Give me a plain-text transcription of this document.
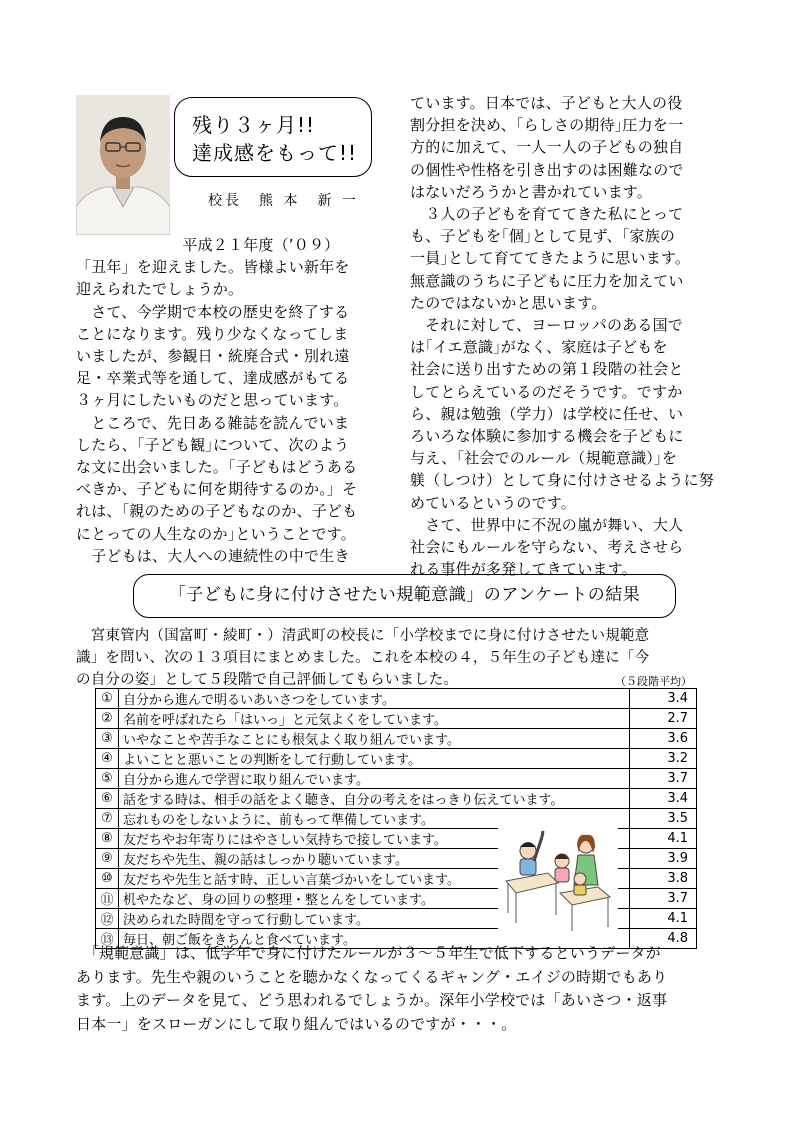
残り３ヶ月!!
達成感をもって!!
校長　熊 本　新 一

　　　　　　　平成２１年度（’０９）

「丑年」を迎えました。皆様よい新年を

迎えられたでしょうか。

　さて、今学期で本校の歴史を終了する

ことになります。残り少なくなってしま

いましたが、参観日・統廃合式・別れ遠

足・卒業式等を通して、達成感がもてる

３ヶ月にしたいものだと思っています。

　ところで、先日ある雑誌を読んでいま

したら、｢子ども観｣について、次のよう

な文に出会いました。｢子どもはどうある

べきか、子どもに何を期待するのか。」そ

れは、｢親のための子どもなのか、子ども

にとっての人生なのか｣ということです。

　子どもは、大人への連続性の中で生き

ています。日本では、子どもと大人の役

割分担を決め、｢らしさの期待｣圧力を一

方的に加えて、一人一人の子どもの独自

の個性や性格を引き出すのは困難なので

はないだろうかと書かれています。

　３人の子どもを育ててきた私にとって

も、子どもを｢個｣として見ず、｢家族の

一員｣として育ててきたように思います。

無意識のうちに子どもに圧力を加えてい

たのではないかと思います。

　それに対して、ヨーロッパのある国で

は｢イエ意識｣がなく、家庭は子どもを

社会に送り出すための第１段階の社会と

してとらえているのだそうです。ですか

ら、親は勉強（学力）は学校に任せ、い

ろいろな体験に参加する機会を子どもに

与え、｢社会でのルール（規範意識）｣を

躾（しつけ）として身に付けさせるように努

めているというのです。

　さて、世界中に不況の嵐が舞い、大人

社会にもルールを守らない、考えさせら

れる事件が多発してきています。

「子どもに身に付けさせたい規範意識」のアンケートの結果

　宮東管内（国富町・綾町・）清武町の校長に「小学校までに身に付けさせたい規範意

識」を問い、次の１３項目にまとめました。これを本校の４，５年生の子ども達に「今

の自分の姿」として５段階で自己評価してもらいました。	（５段階平均）
①	自分から進んで明るいあいさつをしています。	3.4
②	名前を呼ばれたら「はいっ」と元気よくをしています。	2.7
③	いやなことや苦手なことにも根気よく取り組んでいます。	3.6
④	よいことと悪いことの判断をして行動しています。	3.2
⑤	自分から進んで学習に取り組んでいます。	3.7
⑥	話をする時は、相手の話をよく聴き、自分の考えをはっきり伝えています。	3.4
⑦	忘れものをしないように、前もって準備しています。	3.5
⑧	友だちやお年寄りにはやさしい気持ちで接しています。	4.1
⑨	友だちや先生、親の話はしっかり聴いています。	3.9
⑩	友だちや先生と話す時、正しい言葉づかいをしています。	3.8
⑪	机やたなど、身の回りの整理・整とんをしています。	3.7
⑫	決められた時間を守って行動しています。	4.1
⑬	毎日、朝ご飯をきちんと食べています。	4.8

　「規範意識」は、低学年で身に付けたルールが３～５年生で低下するというデータが

あります。先生や親のいうことを聴かなくなってくるギャング・エイジの時期でもあり

ます。上のデータを見て、どう思われるでしょうか。深年小学校では「あいさつ・返事

日本一」をスローガンにして取り組んではいるのですが・・・。
